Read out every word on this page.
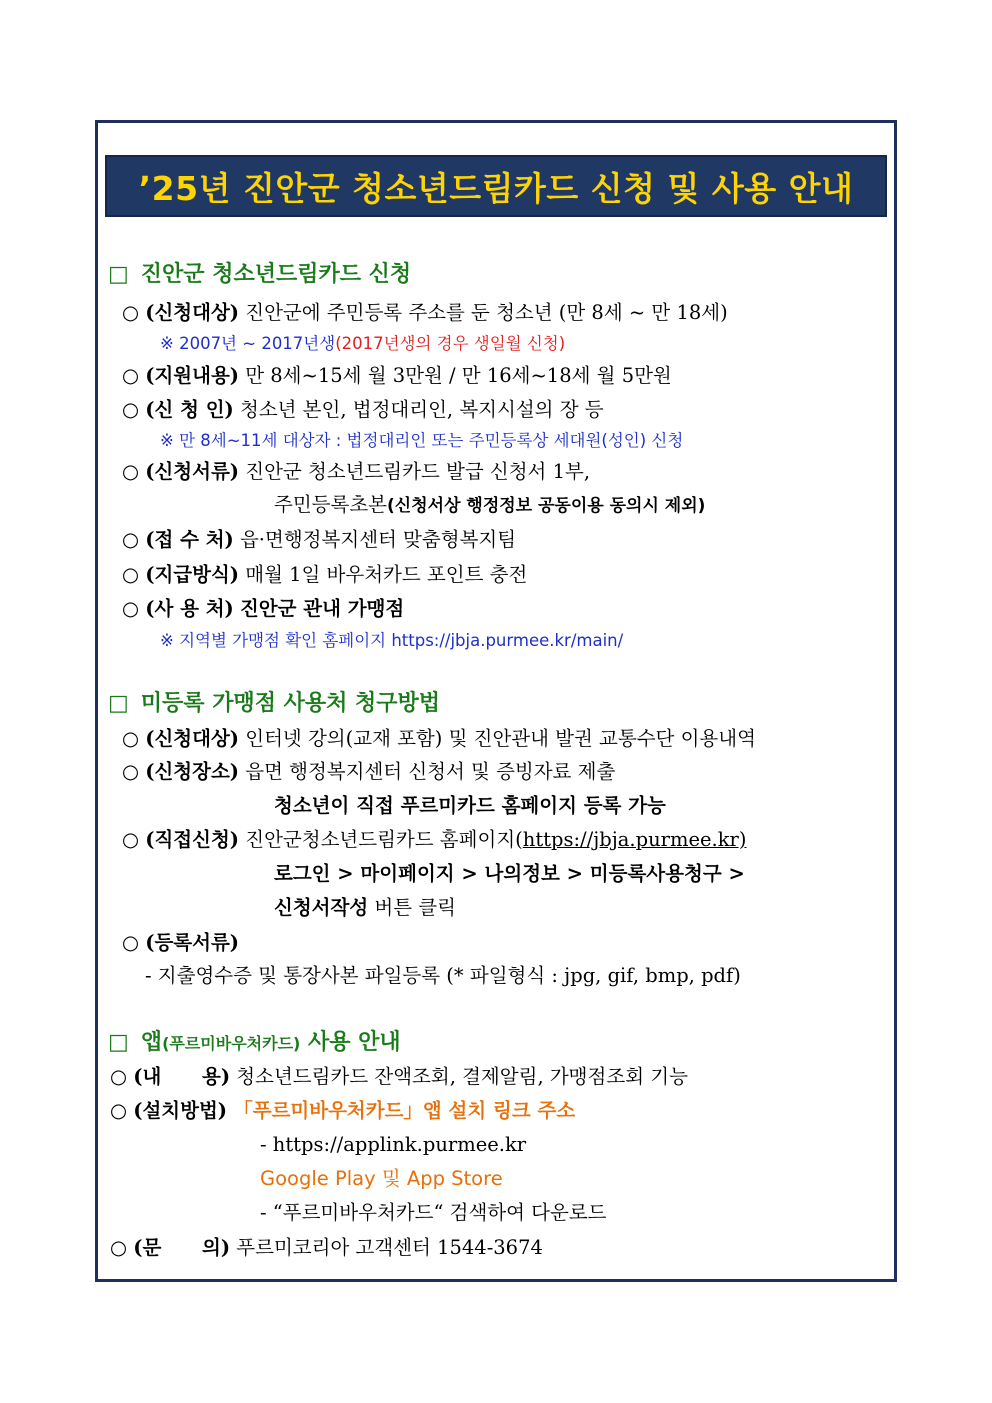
’25년 진안군 청소년드림카드 신청 및 사용 안내
□ 진안군 청소년드림카드 신청
○ (신청대상) 진안군에 주민등록 주소를 둔 청소년 (만 8세 ~ 만 18세)
※ 2007년 ~ 2017년생(2017년생의 경우 생일월 신청)
○ (지원내용) 만 8세~15세 월 3만원 / 만 16세~18세 월 5만원
○ (신 청 인) 청소년 본인, 법정대리인, 복지시설의 장 등
※ 만 8세~11세 대상자 : 법정대리인 또는 주민등록상 세대원(성인) 신청
○ (신청서류) 진안군 청소년드림카드 발급 신청서 1부,
주민등록초본(신청서상 행정정보 공동이용 동의시 제외)
○ (접 수 처) 읍·면행정복지센터 맞춤형복지팀
○ (지급방식) 매월 1일 바우처카드 포인트 충전
○ (사 용 처) 진안군 관내 가맹점
※ 지역별 가맹점 확인 홈페이지 https://jbja.purmee.kr/main/
□ 미등록 가맹점 사용처 청구방법
○ (신청대상) 인터넷 강의(교재 포함) 및 진안관내 발권 교통수단 이용내역
○ (신청장소) 읍면 행정복지센터 신청서 및 증빙자료 제출
청소년이 직접 푸르미카드 홈페이지 등록 가능
○ (직접신청) 진안군청소년드림카드 홈페이지(https://jbja.purmee.kr)
로그인 > 마이페이지 > 나의정보 > 미등록사용청구 >
신청서작성 버튼 클릭
○ (등록서류)
- 지출영수증 및 통장사본 파일등록 (* 파일형식 : jpg, gif, bmp, pdf)
□ 앱(푸르미바우처카드) 사용 안내
○ (내      용) 청소년드림카드 잔액조회, 결제알림, 가맹점조회 기능
○ (설치방법) 「푸르미바우처카드」앱 설치 링크 주소
- https://applink.purmee.kr
Google Play 및 App Store
- “푸르미바우처카드“ 검색하여 다운로드
○ (문      의) 푸르미코리아 고객센터 1544-3674
